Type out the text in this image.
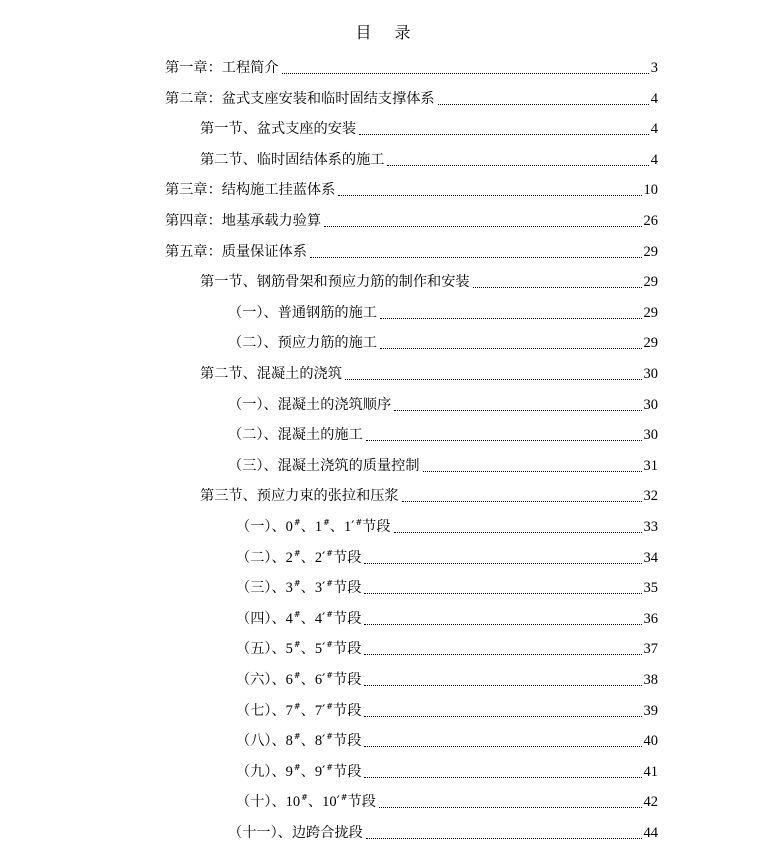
目 录
第一章：工程简介	3
第二章：盆式支座安装和临时固结支撑体系	4
第一节、盆式支座的安装	4
第二节、临时固结体系的施工	4
第三章：结构施工挂蓝体系	10
第四章：地基承载力验算	26
第五章：质量保证体系	29
第一节、钢筋骨架和预应力筋的制作和安装	29
（一）、普通钢筋的施工	29
（二）、预应力筋的施工	29
第二节、混凝土的浇筑	30
（一）、混凝土的浇筑顺序	30
（二）、混凝土的施工	30
（三）、混凝土浇筑的质量控制	31
第三节、预应力束的张拉和压浆	32
（一）、0#、1#、1′#节段	33
（二）、2#、2′#节段	34
（三）、3#、3′#节段	35
（四）、4#、4′#节段	36
（五）、5#、5′#节段	37
（六）、6#、6′#节段	38
（七）、7#、7′#节段	39
（八）、8#、8′#节段	40
（九）、9#、9′#节段	41
（十）、10#、10′#节段	42
（十一）、边跨合拢段	44
